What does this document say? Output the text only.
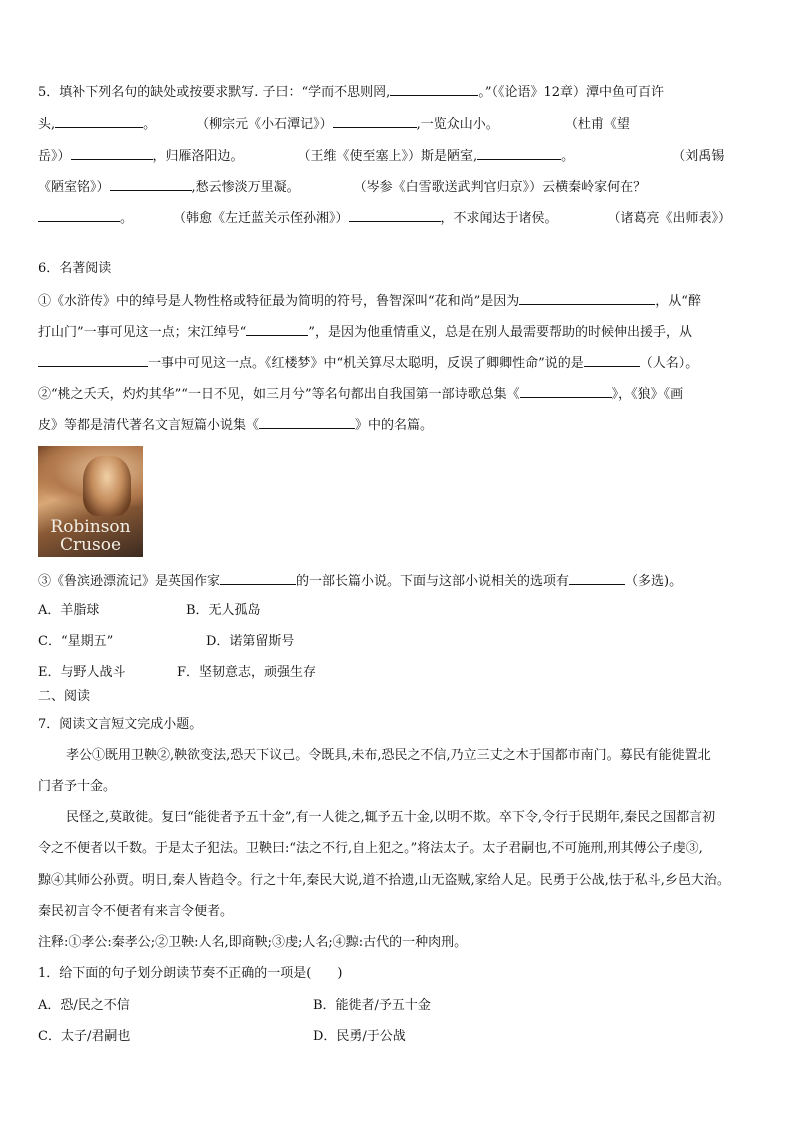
5．填补下列名句的缺处或按要求默写. 子曰：“学而不思则罔,	。”（《论语》12章）潭中鱼可百许
头,	。	（柳宗元《小石潭记》）	,一览众山小。	（杜甫《望
岳》）	，归雁洛阳边。	（王维《使至塞上》）斯是陋室,	。	（刘禹锡
《陋室铭》）	,愁云惨淡万里凝。	（岑参《白雪歌送武判官归京》）云横秦岭家何在？
。	（韩愈《左迁蓝关示侄孙湘》）	，不求闻达于诸侯。	（诸葛亮《出师表》）
6．名著阅读
①《水浒传》中的绰号是人物性格或特征最为简明的符号，鲁智深叫“花和尚”是因为	，从“醉
打山门”一事可见这一点；宋江绰号“	”，是因为他重情重义，总是在别人最需要帮助的时候伸出援手，从
一事中可见这一点。《红楼梦》中“机关算尽太聪明，反误了卿卿性命”说的是	（人名）。
②“桃之夭夭，灼灼其华”“一日不见，如三月兮”等名句都出自我国第一部诗歌总集《	》，《狼》《画
皮》等都是清代著名文言短篇小说集《	》中的名篇。
Robinson
Crusoe
③《鲁滨逊漂流记》是英国作家	的一部长篇小说。下面与这部小说相关的选项有	（多选)。
A．羊脂球	B．无人孤岛
C．“星期五”	D．诺第留斯号
E．与野人战斗	F．坚韧意志，顽强生存
二、阅读
7．阅读文言短文完成小题。
孝公①既用卫鞅②,鞅欲变法,恐天下议己。令既具,未布,恐民之不信,乃立三丈之木于国都市南门。募民有能徙置北
门者予十金。
民怪之,莫敢徙。复曰“能徙者予五十金”,有一人徙之,辄予五十金,以明不欺。卒下令,令行于民期年,秦民之国都言初
令之不便者以千数。于是太子犯法。卫鞅曰:“法之不行,自上犯之。”将法太子。太子君嗣也,不可施刑,刑其傅公子虔③,
黥④其师公孙贾。明日,秦人皆趋令。行之十年,秦民大说,道不拾遗,山无盗贼,家给人足。民勇于公战,怯于私斗,乡邑大治。
秦民初言令不便者有来言令便者。
注释:①孝公:秦孝公;②卫鞅:人名,即商鞅;③虔;人名;④黥:古代的一种肉刑。
1．给下面的句子划分朗读节奏不正确的一项是(　　)
A．恐/民之不信	B．能徙者/予五十金
C．太子/君嗣也	D．民勇/于公战
